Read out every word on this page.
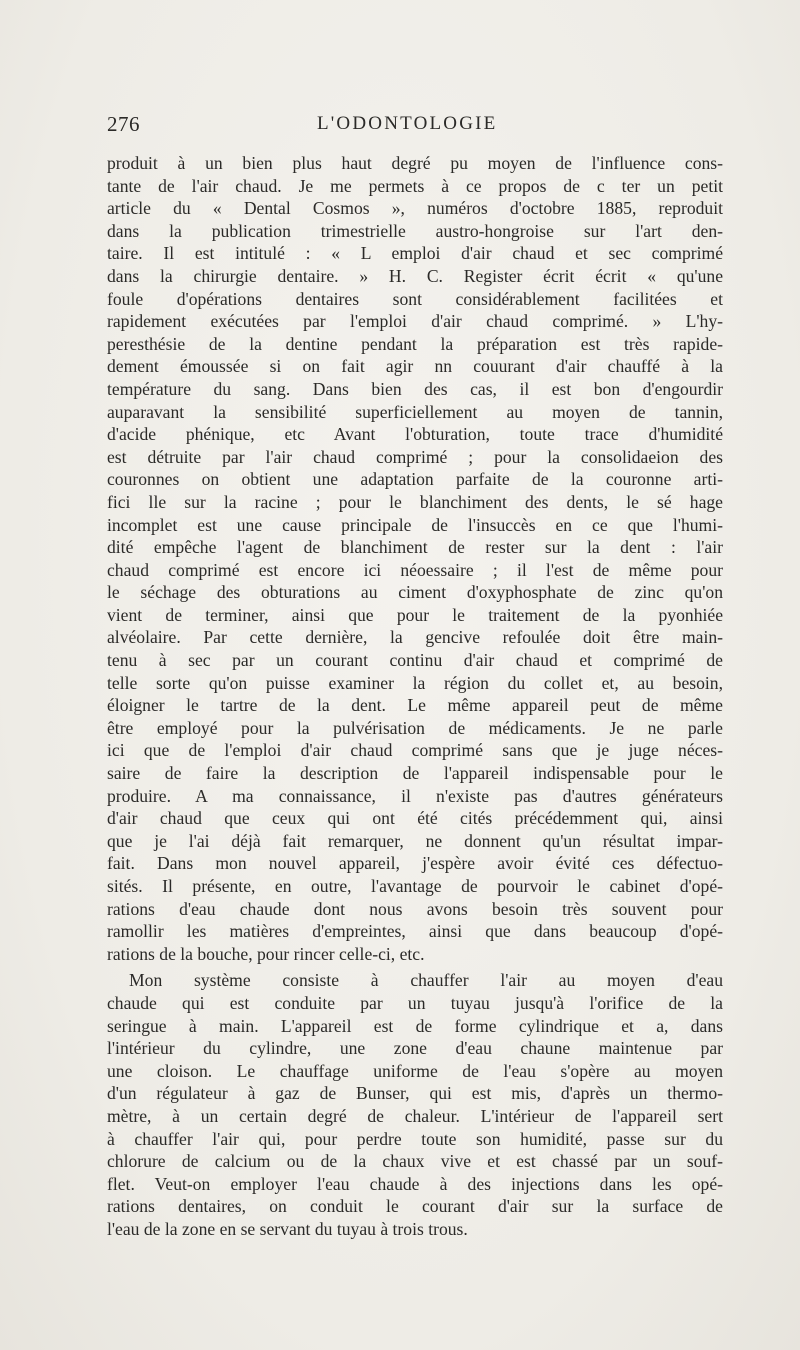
276	L'ODONTOLOGIE
produit à un bien plus haut degré pu moyen de l'influence cons-
tante de l'air chaud. Je me permets à ce propos de c ter un petit
article du « Dental Cosmos », numéros d'octobre 1885, reproduit
dans la publication trimestrielle austro-hongroise sur l'art den-
taire. Il est intitulé : « L emploi d'air chaud et sec comprimé
dans la chirurgie dentaire. » H. C. Register écrit écrit « qu'une
foule d'opérations dentaires sont considérablement facilitées et
rapidement exécutées par l'emploi d'air chaud comprimé. » L'hy-
peresthésie de la dentine pendant la préparation est très rapide-
dement émoussée si on fait agir nn couurant d'air chauffé à la
température du sang. Dans bien des cas, il est bon d'engourdir
auparavant la sensibilité superficiellement au moyen de tannin,
d'acide phénique, etc Avant l'obturation, toute trace d'humidité
est détruite par l'air chaud comprimé ; pour la consolidaeion des
couronnes on obtient une adaptation parfaite de la couronne arti-
fici lle sur la racine ; pour le blanchiment des dents, le sé hage
incomplet est une cause principale de l'insuccès en ce que l'humi-
dité empêche l'agent de blanchiment de rester sur la dent : l'air
chaud comprimé est encore ici néoessaire ; il l'est de même pour
le séchage des obturations au ciment d'oxyphosphate de zinc qu'on
vient de terminer, ainsi que pour le traitement de la pyonhiée
alvéolaire. Par cette dernière, la gencive refoulée doit être main-
tenu à sec par un courant continu d'air chaud et comprimé de
telle sorte qu'on puisse examiner la région du collet et, au besoin,
éloigner le tartre de la dent. Le même appareil peut de même
être employé pour la pulvérisation de médicaments. Je ne parle
ici que de l'emploi d'air chaud comprimé sans que je juge néces-
saire de faire la description de l'appareil indispensable pour le
produire. A ma connaissance, il n'existe pas d'autres générateurs
d'air chaud que ceux qui ont été cités précédemment qui, ainsi
que je l'ai déjà fait remarquer, ne donnent qu'un résultat impar-
fait. Dans mon nouvel appareil, j'espère avoir évité ces défectuo-
sités. Il présente, en outre, l'avantage de pourvoir le cabinet d'opé-
rations d'eau chaude dont nous avons besoin très souvent pour
ramollir les matières d'empreintes, ainsi que dans beaucoup d'opé-
rations de la bouche, pour rincer celle-ci, etc.
Mon système consiste à chauffer l'air au moyen d'eau
chaude qui est conduite par un tuyau jusqu'à l'orifice de la
seringue à main. L'appareil est de forme cylindrique et a, dans
l'intérieur du cylindre, une zone d'eau chaune maintenue par
une cloison. Le chauffage uniforme de l'eau s'opère au moyen
d'un régulateur à gaz de Bunser, qui est mis, d'après un thermo-
mètre, à un certain degré de chaleur. L'intérieur de l'appareil sert
à chauffer l'air qui, pour perdre toute son humidité, passe sur du
chlorure de calcium ou de la chaux vive et est chassé par un souf-
flet. Veut-on employer l'eau chaude à des injections dans les opé-
rations dentaires, on conduit le courant d'air sur la surface de
l'eau de la zone en se servant du tuyau à trois trous.
